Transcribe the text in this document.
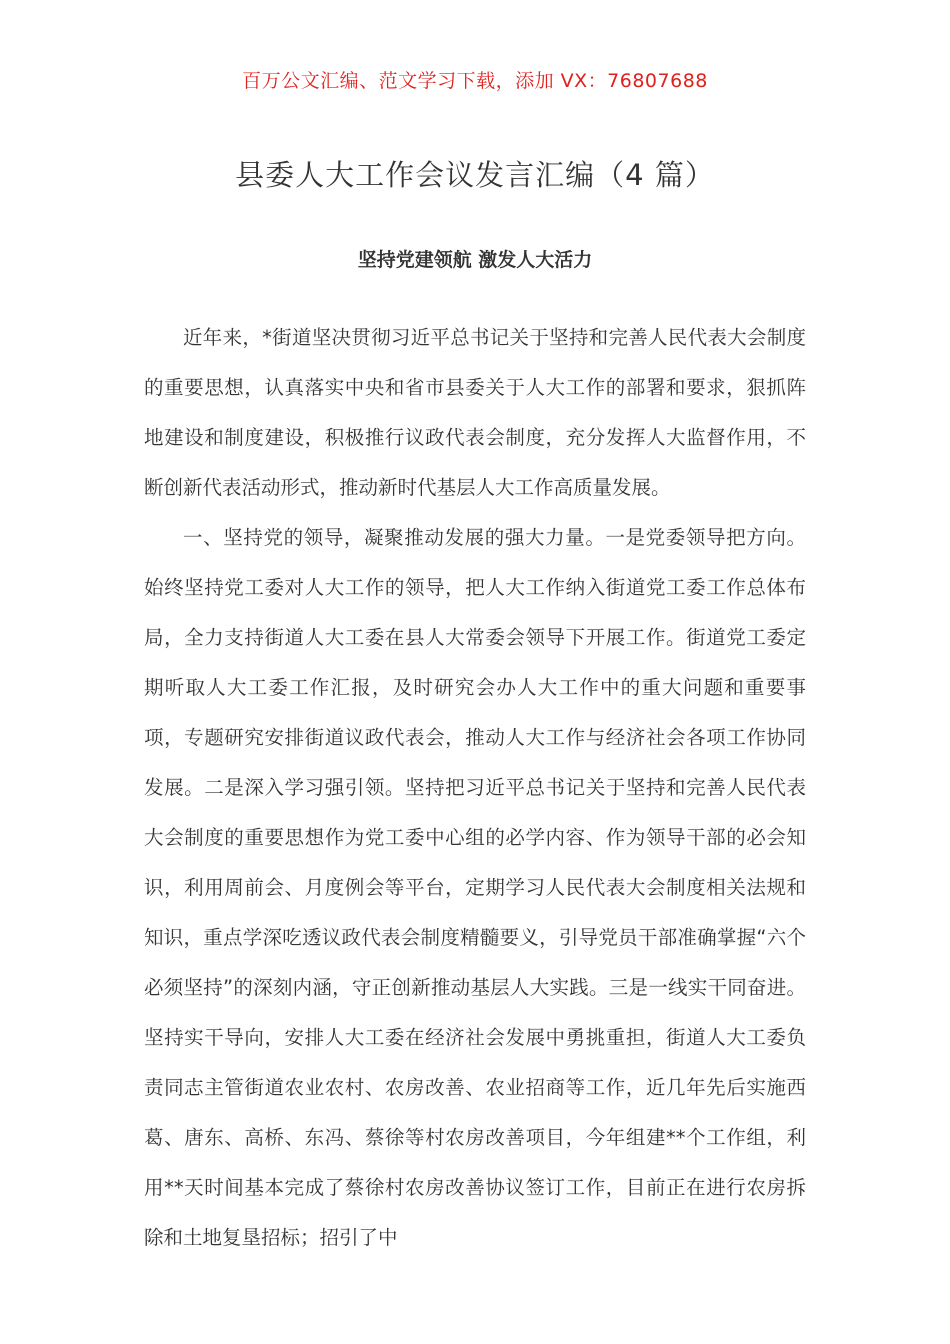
百万公文汇编、范文学习下载，添加 VX：76807688
县委人大工作会议发言汇编（4 篇）
坚持党建领航 激发人大活力

近年来，*街道坚决贯彻习近平总书记关于坚持和完善人民代表大会制度的重要思想，认真落实中央和省市县委关于人大工作的部署和要求，狠抓阵地建设和制度建设，积极推行议政代表会制度，充分发挥人大监督作用，不断创新代表活动形式，推动新时代基层人大工作高质量发展。

一、坚持党的领导，凝聚推动发展的强大力量。一是党委领导把方向。始终坚持党工委对人大工作的领导，把人大工作纳入街道党工委工作总体布局，全力支持街道人大工委在县人大常委会领导下开展工作。街道党工委定期听取人大工委工作汇报，及时研究会办人大工作中的重大问题和重要事项，专题研究安排街道议政代表会，推动人大工作与经济社会各项工作协同发展。二是深入学习强引领。坚持把习近平总书记关于坚持和完善人民代表大会制度的重要思想作为党工委中心组的必学内容、作为领导干部的必会知识，利用周前会、月度例会等平台，定期学习人民代表大会制度相关法规和知识，重点学深吃透议政代表会制度精髓要义，引导党员干部准确掌握“六个必须坚持”的深刻内涵，守正创新推动基层人大实践。三是一线实干同奋进。坚持实干导向，安排人大工委在经济社会发展中勇挑重担，街道人大工委负责同志主管街道农业农村、农房改善、农业招商等工作，近几年先后实施西葛、唐东、高桥、东冯、蔡徐等村农房改善项目，今年组建**个工作组，利用**天时间基本完成了蔡徐村农房改善协议签订工作，目前正在进行农房拆除和土地复垦招标；招引了中
